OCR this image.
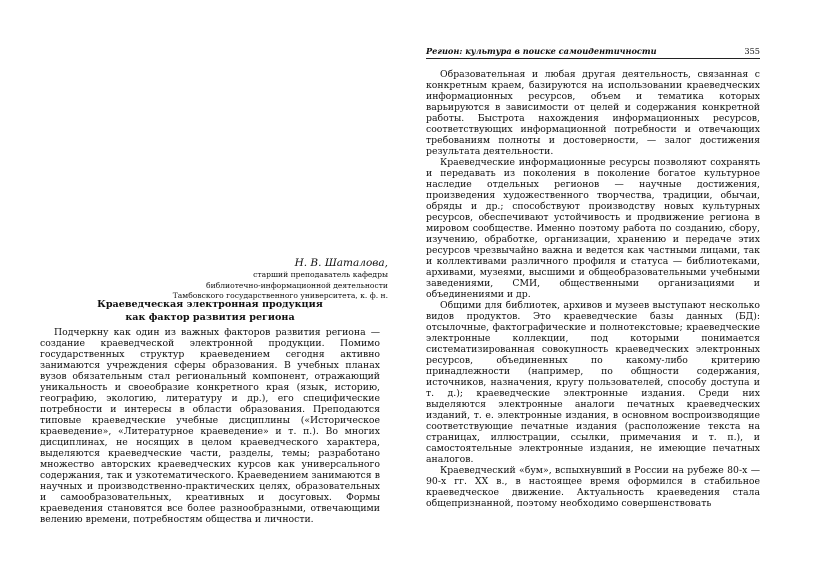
Н. В. Шаталова,
старший преподаватель кафедры
библиотечно-информационной деятельности
Тамбовского государственного университета, к. ф. н.
Краеведческая электронная продукция
как фактор развития региона

Подчеркну как один из важных факторов развития региона — создание краеведческой электронной продукции. Помимо государственных структур краеведением сегодня активно занимаются учреждения сферы образования. В учебных планах вузов обязательным стал региональный компонент, отражающий уникальность и своеобразие конкретного края (язык, историю, географию, экологию, литературу и др.), его специфические потребности и интересы в области образования. Преподаются типовые краеведческие учебные дисциплины («Историческое краеведение», «Литературное краеведение» и т. п.). Во многих дисциплинах, не носящих в целом краеведческого характера, выделяются краеведческие части, разделы, темы; разработано множество авторских краеведческих курсов как универсального содержания, так и узкотематического. Краеведением занимаются в научных и производственно-практических целях, образовательных и самообразовательных, креативных и досуговых. Формы краеведения становятся все более разнообразными, отвечающими велению времени, потребностям общества и личности.

Регион: культура в поиске самоидентичности	355

Образовательная и любая другая деятельность, связанная с конкретным краем, базируются на использовании краеведческих информационных ресурсов, объем и тематика которых варьируются в зависимости от целей и содержания конкретной работы. Быстрота нахождения информационных ресурсов, соответствующих информационной потребности и отвечающих требованиям полноты и достоверности, — залог достижения результата деятельности.

Краеведческие информационные ресурсы позволяют сохранять и передавать из поколения в поколение богатое культурное наследие отдельных регионов — научные достижения, произведения художественного творчества, традиции, обычаи, обряды и др.; способствуют производству новых культурных ресурсов, обеспечивают устойчивость и продвижение региона в мировом сообществе. Именно поэтому работа по созданию, сбору, изучению, обработке, организации, хранению и передаче этих ресурсов чрезвычайно важна и ведется как частными лицами, так и коллективами различного профиля и статуса — библиотеками, архивами, музеями, высшими и общеобразовательными учебными заведениями, СМИ, общественными организациями и объединениями и др.

Общими для библиотек, архивов и музеев выступают несколько видов продуктов. Это краеведческие базы данных (БД): отсылочные, фактографические и полнотекстовые; краеведческие электронные коллекции, под которыми понимается систематизированная совокупность краеведческих электронных ресурсов, объединенных по какому-либо критерию принадлежности (например, по общности содержания, источников, назначения, кругу пользователей, способу доступа и т. д.); краеведческие электронные издания. Среди них выделяются электронные аналоги печатных краеведческих изданий, т. е. электронные издания, в основном воспроизводящие соответствующие печатные издания (расположение текста на страницах, иллюстрации, ссылки, примечания и т. п.), и самостоятельные электронные издания, не имеющие печатных аналогов.

Краеведческий «бум», вспыхнувший в России на рубеже 80-х — 90-х гг. XX в., в настоящее время оформился в стабильное краеведческое движение. Актуальность краеведения стала общепризнанной, поэтому необходимо совершенствовать
